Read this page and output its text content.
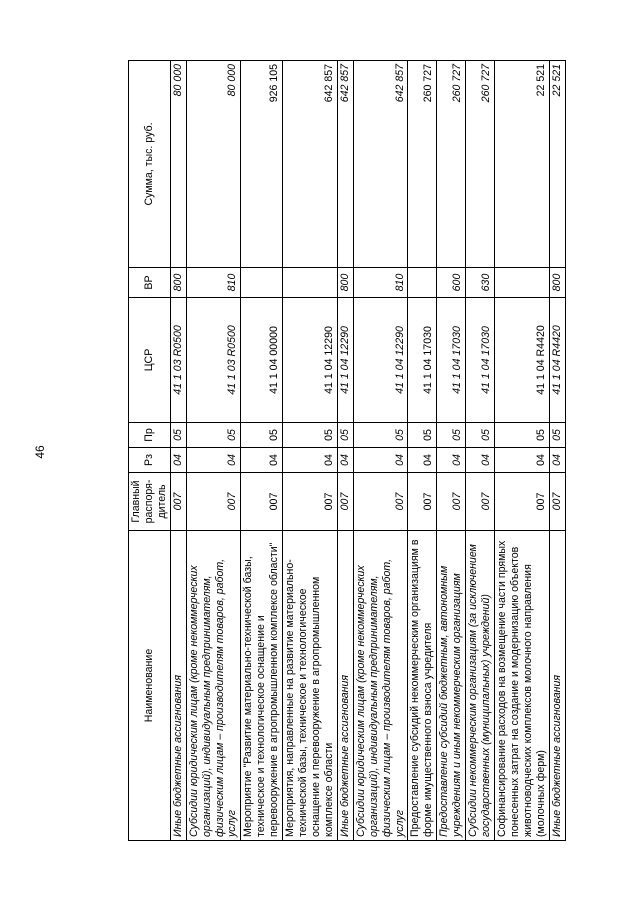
46
Наименование	Главный распоря-дитель	Рз	Пр	ЦСР	ВР	Сумма, тыс. руб.
Иные бюджетные ассигнования	007	04	05	41 1 03 R0500	800	80 000
Субсидии юридическим лицам (кроме некоммерческих организаций), индивидуальным предпринимателям, физическим лицам – производителям товаров, работ, услуг	007	04	05	41 1 03 R0500	810	80 000
Мероприятие "Развитие материально-технической базы, техническое и технологическое оснащение и перевооружение в агропромышленном комплексе области"	007	04	05	41 1 04 00000		926 105
Мероприятия, направленные на развитие материально-технической базы, техническое и технологическое оснащение и перевооружение в агропромышленном комплексе области	007	04	05	41 1 04 12290		642 857
Иные бюджетные ассигнования	007	04	05	41 1 04 12290	800	642 857
Субсидии юридическим лицам (кроме некоммерческих организаций), индивидуальным предпринимателям, физическим лицам – производителям товаров, работ, услуг	007	04	05	41 1 04 12290	810	642 857
Предоставление субсидий некоммерческим организациям в форме имущественного взноса учредителя	007	04	05	41 1 04 17030		260 727
Предоставление субсидий бюджетным, автономным учреждениям и иным некоммерческим организациям	007	04	05	41 1 04 17030	600	260 727
Субсидии некоммерческим организациям (за исключением государственных (муниципальных) учреждений)	007	04	05	41 1 04 17030	630	260 727
Софинансирование расходов на возмещение части прямых понесенных затрат на создание и модернизацию объектов животноводческих комплексов молочного направления (молочных ферм)	007	04	05	41 1 04 R4420		22 521
Иные бюджетные ассигнования	007	04	05	41 1 04 R4420	800	22 521
